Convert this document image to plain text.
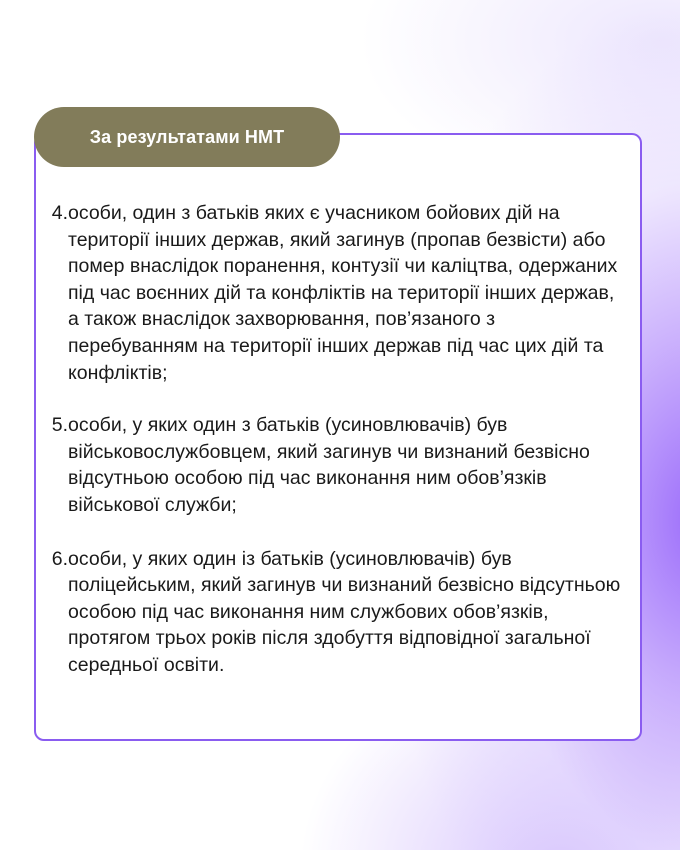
За результатами НМТ
4. особи, один з батьків яких є учасником бойових дій на території інших держав, який загинув (пропав безвісти) або помер внаслідок поранення, контузії чи каліцтва, одержаних під час воєнних дій та конфліктів на території інших держав, а також внаслідок захворювання, пов’язаного з перебуванням на території інших держав під час цих дій та конфліктів;
5. особи, у яких один з батьків (усиновлювачів) був військовослужбовцем, який загинув чи визнаний безвісно відсутньою особою під час виконання ним обов’язків військової служби;
6. особи, у яких один із батьків (усиновлювачів) був поліцейським, який загинув чи визнаний безвісно відсутньою особою під час виконання ним службових обов’язків, протягом трьох років після здобуття відповідної загальної середньої освіти.
